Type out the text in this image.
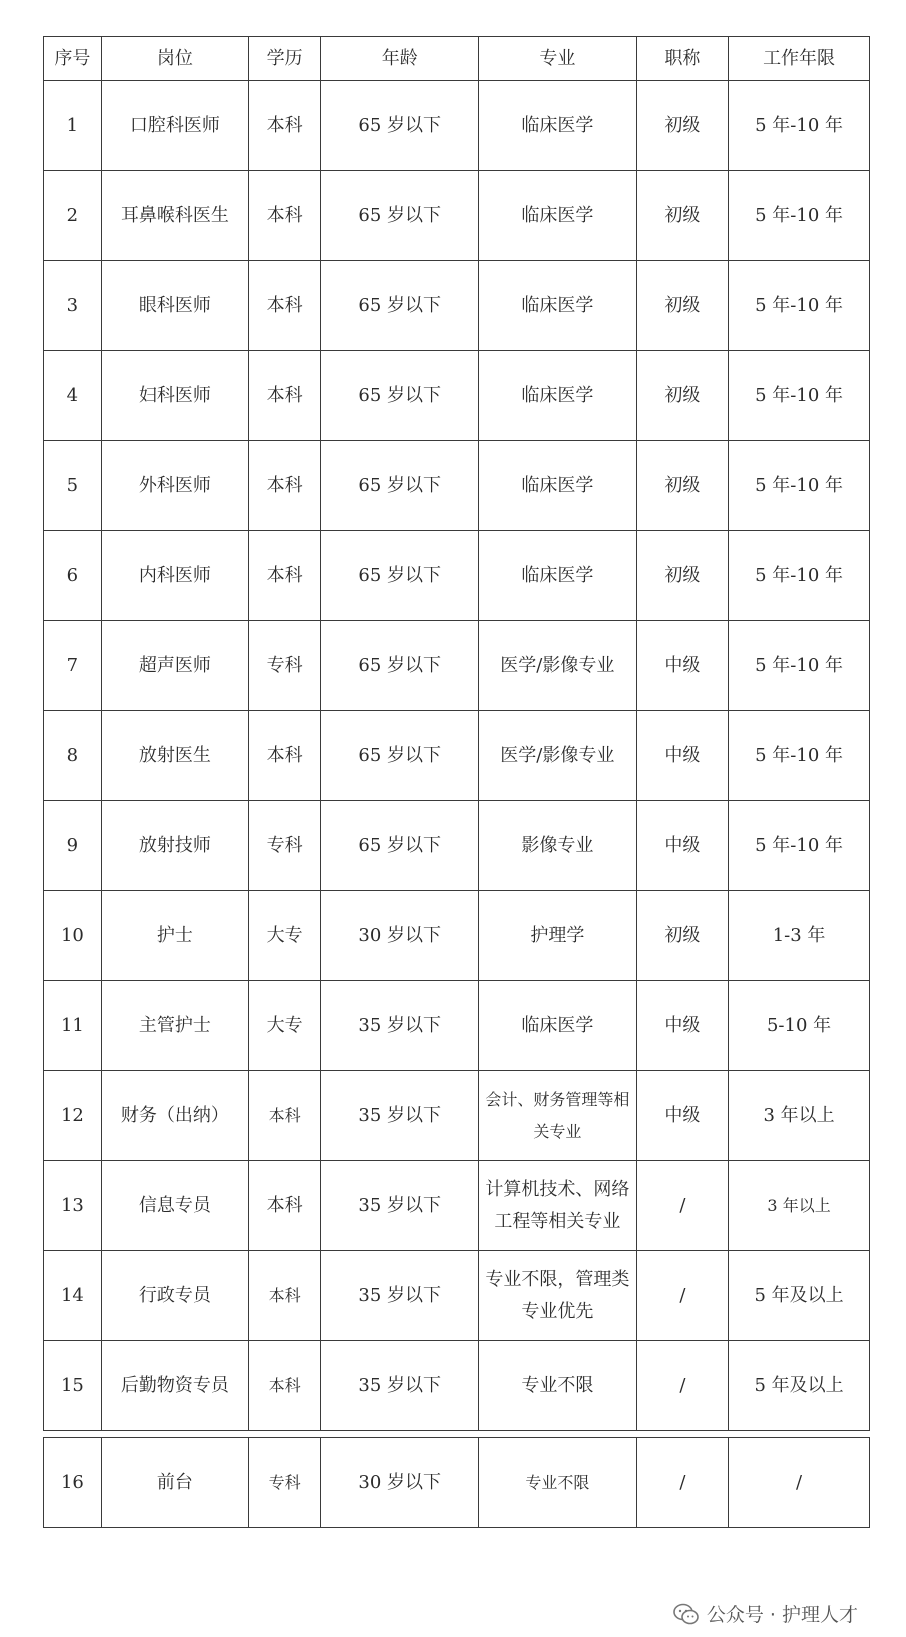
序号	岗位	学历	年龄	专业	职称	工作年限
1	口腔科医师	本科	65 岁以下	临床医学	初级	5 年-10 年
2	耳鼻喉科医生	本科	65 岁以下	临床医学	初级	5 年-10 年
3	眼科医师	本科	65 岁以下	临床医学	初级	5 年-10 年
4	妇科医师	本科	65 岁以下	临床医学	初级	5 年-10 年
5	外科医师	本科	65 岁以下	临床医学	初级	5 年-10 年
6	内科医师	本科	65 岁以下	临床医学	初级	5 年-10 年
7	超声医师	专科	65 岁以下	医学/影像专业	中级	5 年-10 年
8	放射医生	本科	65 岁以下	医学/影像专业	中级	5 年-10 年
9	放射技师	专科	65 岁以下	影像专业	中级	5 年-10 年
10	护士	大专	30 岁以下	护理学	初级	1-3 年
11	主管护士	大专	35 岁以下	临床医学	中级	5-10 年
12	财务（出纳）	本科	35 岁以下	会计、财务管理等相关专业	中级	3 年以上
13	信息专员	本科	35 岁以下	计算机技术、网络工程等相关专业	/	3 年以上
14	行政专员	本科	35 岁以下	专业不限，管理类专业优先	/	5 年及以上
15	后勤物资专员	本科	35 岁以下	专业不限	/	5 年及以上

16	前台	专科	30 岁以下	专业不限	/	/
公众号 · 护理人才
